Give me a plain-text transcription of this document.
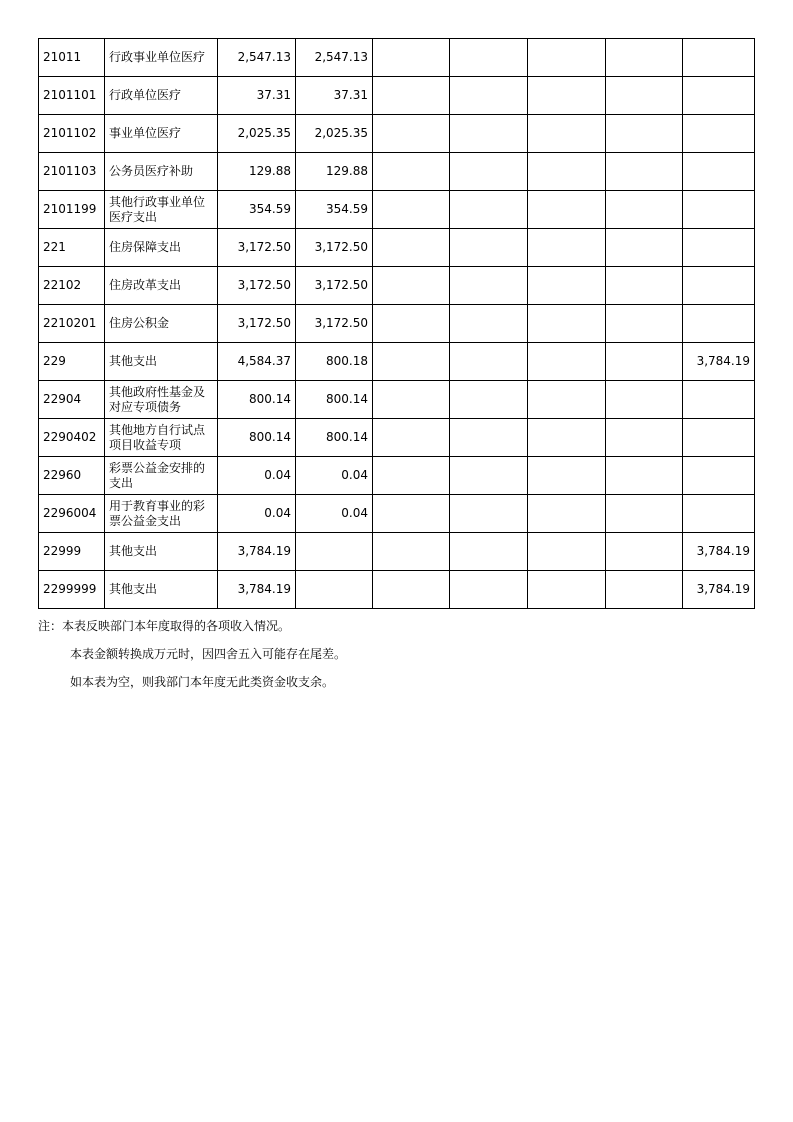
21011	行政事业单位医疗	2,547.13	2,547.13					
2101101	行政单位医疗	37.31	37.31					
2101102	事业单位医疗	2,025.35	2,025.35					
2101103	公务员医疗补助	129.88	129.88					
2101199	其他行政事业单位医疗支出	354.59	354.59					
221	住房保障支出	3,172.50	3,172.50					
22102	住房改革支出	3,172.50	3,172.50					
2210201	住房公积金	3,172.50	3,172.50					
229	其他支出	4,584.37	800.18					3,784.19
22904	其他政府性基金及对应专项债务	800.14	800.14					
2290402	其他地方自行试点项目收益专项	800.14	800.14					
22960	彩票公益金安排的支出	0.04	0.04					
2296004	用于教育事业的彩票公益金支出	0.04	0.04					
22999	其他支出	3,784.19						3,784.19
2299999	其他支出	3,784.19						3,784.19

注：本表反映部门本年度取得的各项收入情况。

本表金额转换成万元时，因四舍五入可能存在尾差。

如本表为空，则我部门本年度无此类资金收支余。
